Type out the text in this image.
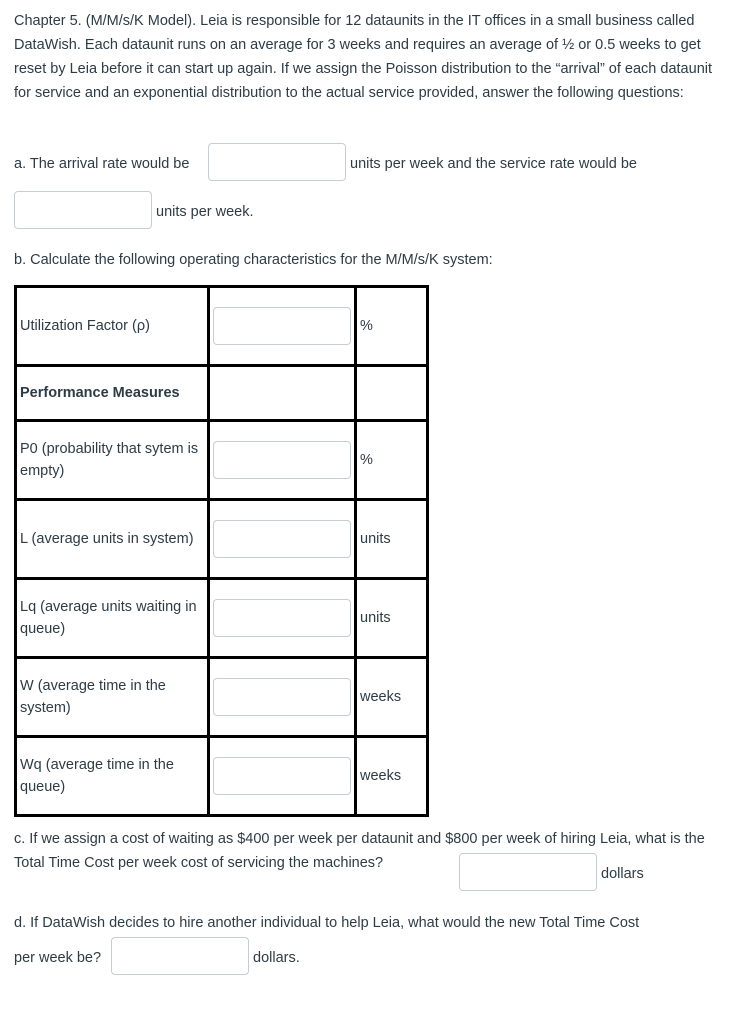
Chapter 5. (M/M/s/K Model). Leia is responsible for 12 dataunits in the IT offices in a small business called DataWish. Each dataunit runs on an average for 3 weeks and requires an average of ½ or 0.5 weeks to get reset by Leia before it can start up again. If we assign the Poisson distribution to the “arrival” of each dataunit for service and an exponential distribution to the actual service provided, answer the following questions:
a. The arrival rate would be	units per week and the service rate would be
units per week.
b. Calculate the following operating characteristics for the M/M/s/K system:
Utilization Factor (ρ)		%
Performance Measures		
P0 (probability that sytem is empty)		%
L (average units in system)		units
Lq (average units waiting in queue)		units
W (average time in the system)		weeks
Wq (average time in the queue)		weeks
c. If we assign a cost of waiting as $400 per week per dataunit and $800 per week of hiring Leia, what is the Total Time Cost per week cost of servicing the machines?
dollars
d. If DataWish decides to hire another individual to help Leia, what would the new Total Time Cost
per week be?	dollars.
